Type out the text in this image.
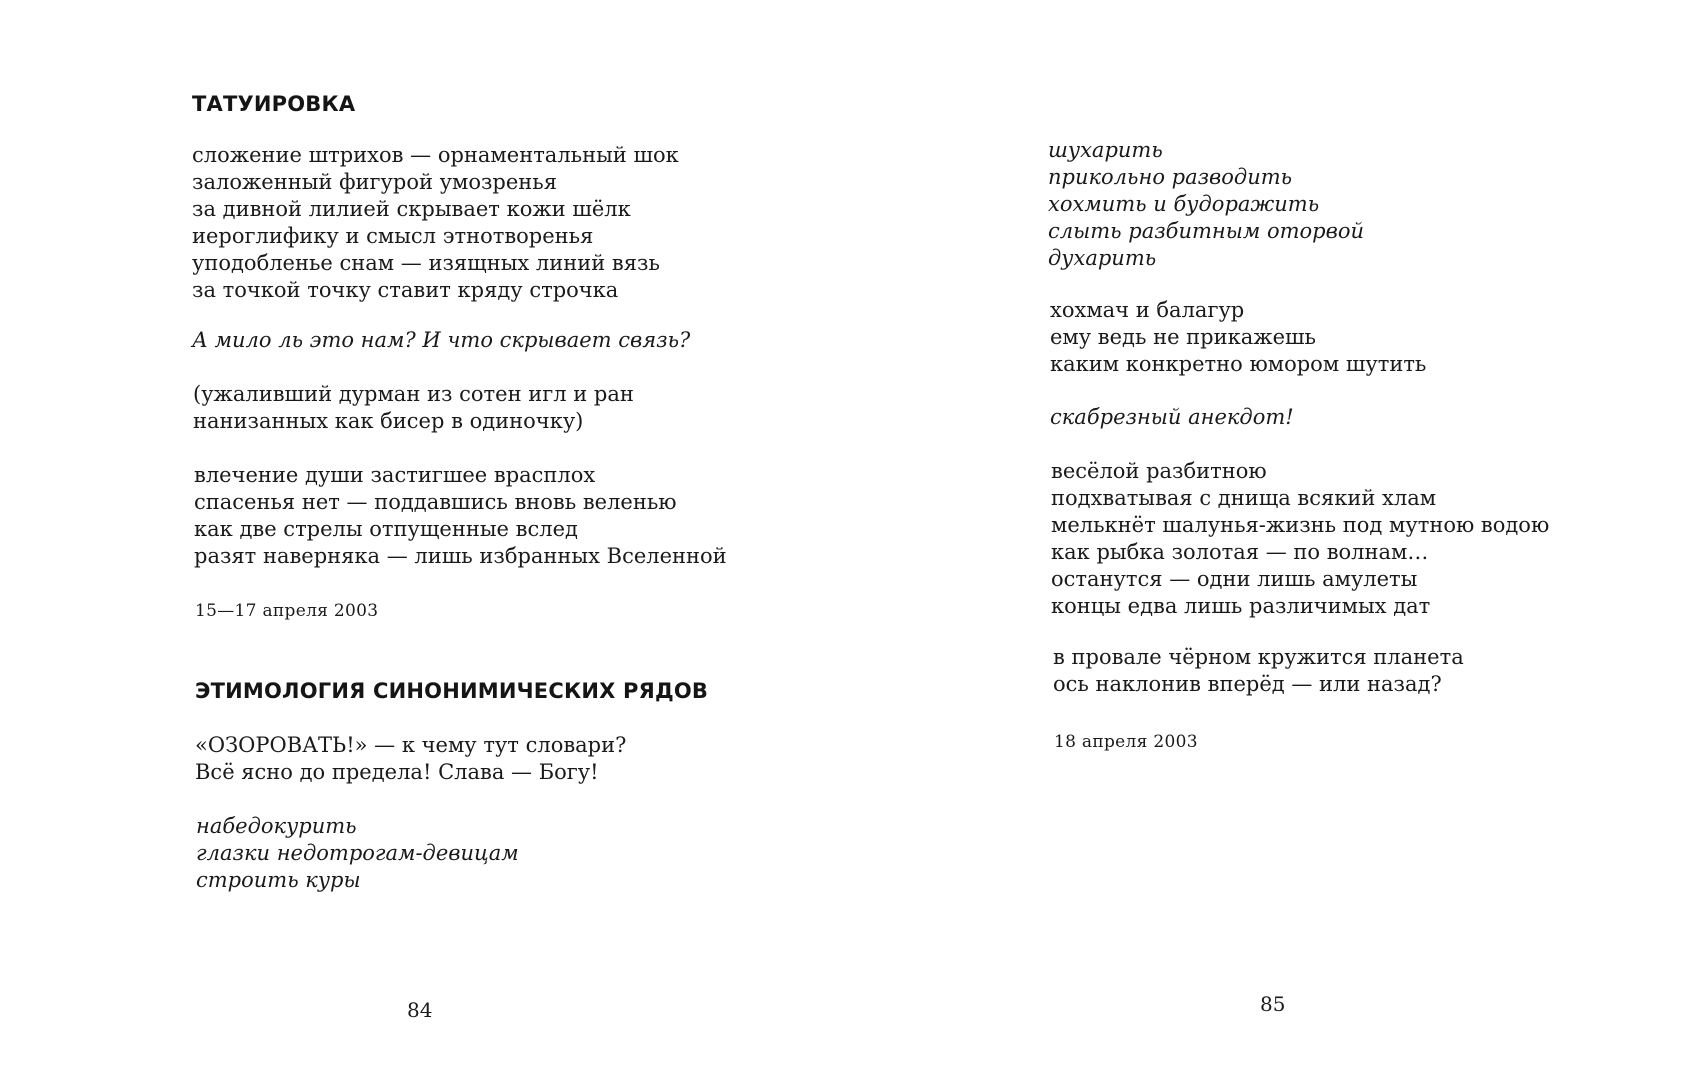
ТАТУИРОВКА
сложение штрихов — орнаментальный шок
заложенный фигурой умозренья
за дивной лилией скрывает кожи шёлк
иероглифику и смысл этнотворенья
уподобленье снам — изящных линий вязь
за точкой точку ставит кряду строчка
А мило ль это нам? И что скрывает связь?
(ужаливший дурман из сотен игл и ран
нанизанных как бисер в одиночку)
влечение души застигшее врасплох
спасенья нет — поддавшись вновь веленью
как две стрелы отпущенные вслед
разят наверняка — лишь избранных Вселенной
15—17 апреля 2003
ЭТИМОЛОГИЯ СИНОНИМИЧЕСКИХ РЯДОВ
«ОЗОРОВАТЬ!» — к чему тут словари?
Всё ясно до предела! Слава — Богу!
набедокурить
глазки недотрогам-девицам
строить куры
84
шухарить
прикольно разводить
хохмить и будоражить
слыть разбитным оторвой
духарить
хохмач и балагур
ему ведь не прикажешь
каким конкретно юмором шутить
скабрезный анекдот!
весёлой разбитною
подхватывая с днища всякий хлам
мелькнёт шалунья-жизнь под мутною водою
как рыбка золотая — по волнам…
останутся — одни лишь амулеты
концы едва лишь различимых дат
в провале чёрном кружится планета
ось наклонив вперёд — или назад?
18 апреля 2003
85
